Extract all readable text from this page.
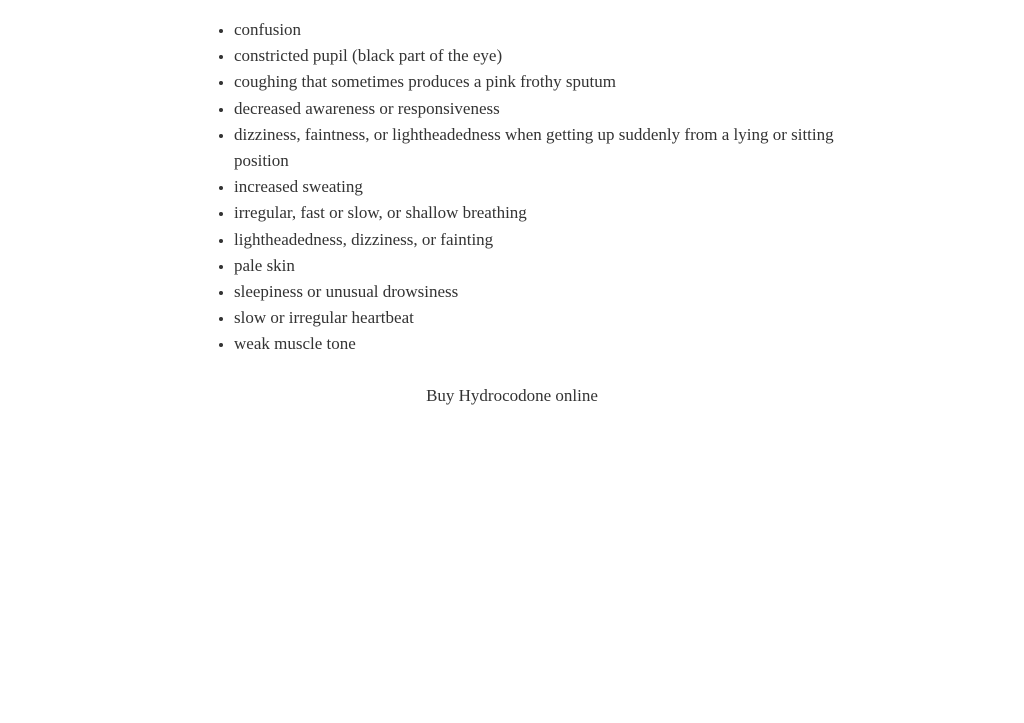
• confusion
• constricted pupil (black part of the eye)
• coughing that sometimes produces a pink frothy sputum
• decreased awareness or responsiveness
• dizziness, faintness, or lightheadedness when getting up suddenly from a lying or sitting position
• increased sweating
• irregular, fast or slow, or shallow breathing
• lightheadedness, dizziness, or fainting
• pale skin
• sleepiness or unusual drowsiness
• slow or irregular heartbeat
• weak muscle tone

Buy Hydrocodone online
